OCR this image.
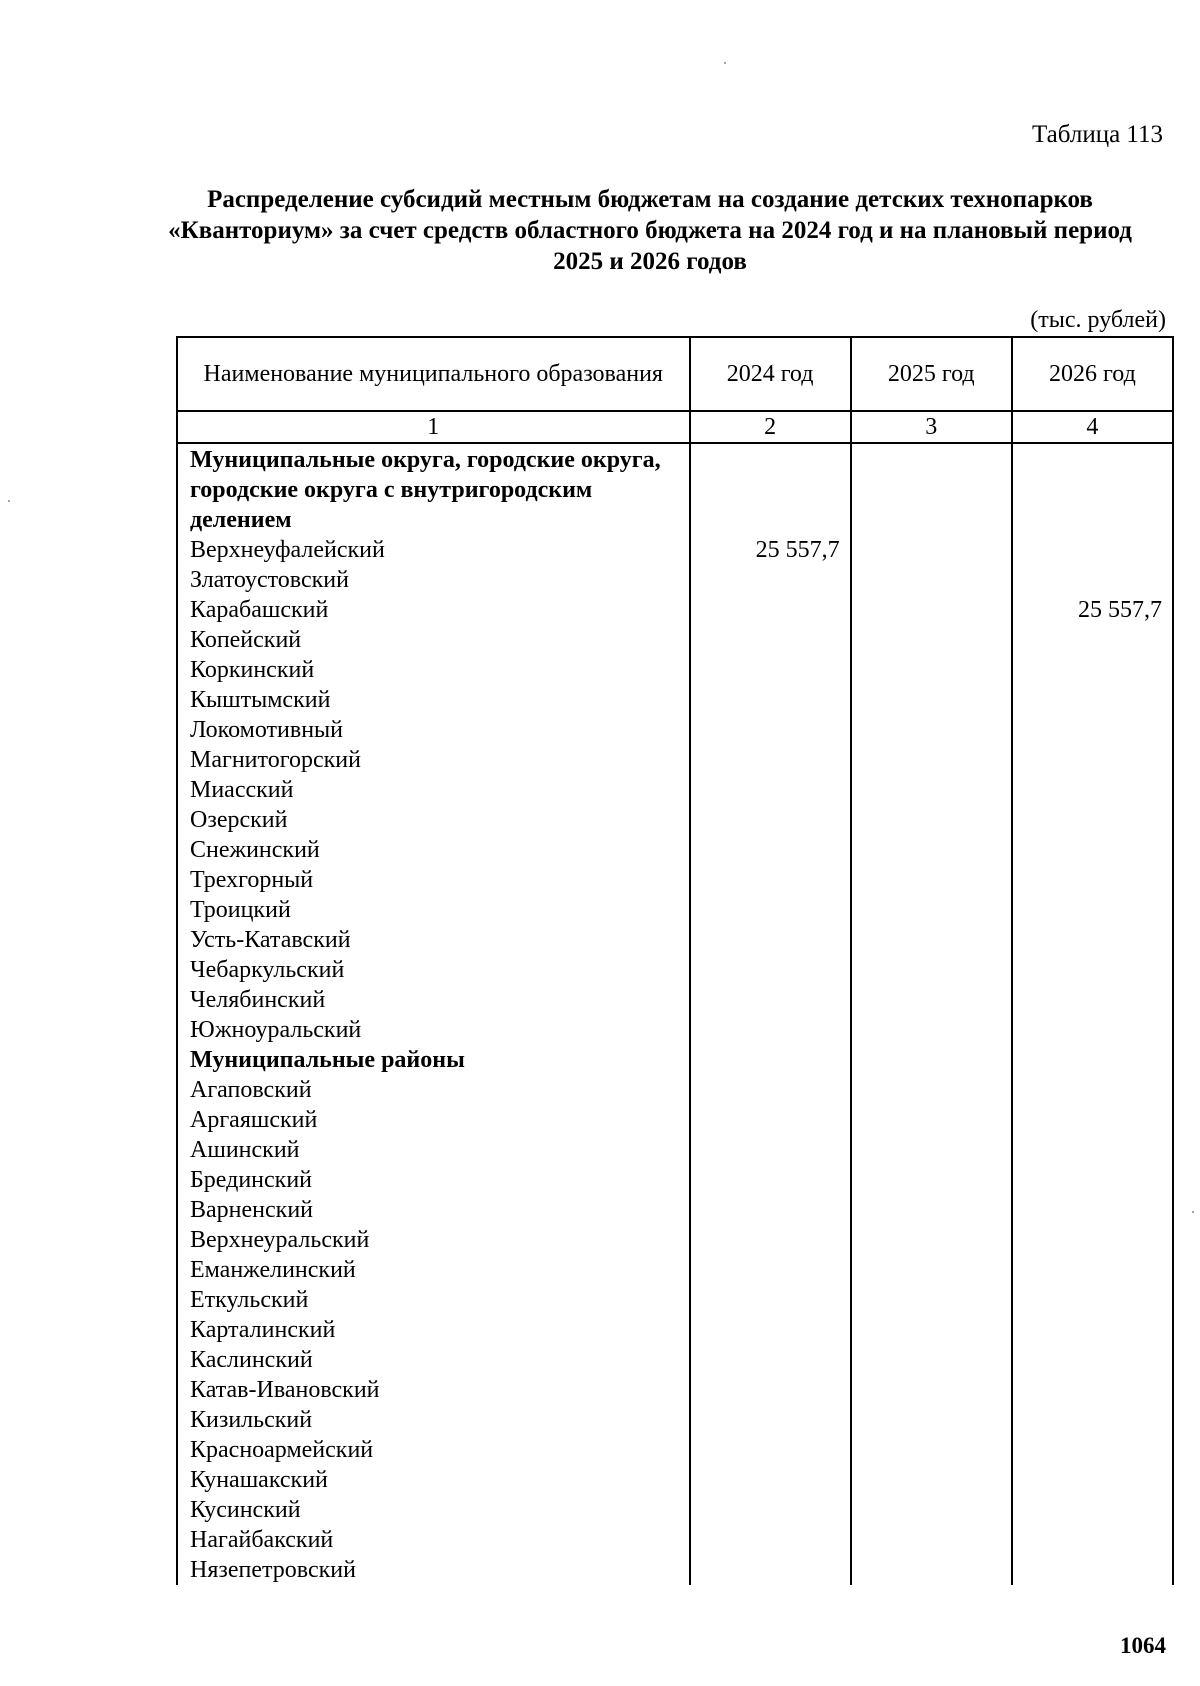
Таблица 113
Распределение субсидий местным бюджетам на создание детских технопарков «Кванториум» за счет средств областного бюджета на 2024 год и на плановый период 2025 и 2026 годов
(тыс. рублей)
Наименование муниципального образования	2024 год	2025 год	2026 год
1	2	3	4
Муниципальные округа, городские округа, городские округа с внутригородским делением			
Верхнеуфалейский	25 557,7		
Златоустовский			
Карабашский			25 557,7
Копейский			
Коркинский			
Кыштымский			
Локомотивный			
Магнитогорский			
Миасский			
Озерский			
Снежинский			
Трехгорный			
Троицкий			
Усть-Катавский			
Чебаркульский			
Челябинский			
Южноуральский			
Муниципальные районы			
Агаповский			
Аргаяшский			
Ашинский			
Брединский			
Варненский			
Верхнеуральский			
Еманжелинский			
Еткульский			
Карталинский			
Каслинский			
Катав-Ивановский			
Кизильский			
Красноармейский			
Кунашакский			
Кусинский			
Нагайбакский			
Нязепетровский			
1064
